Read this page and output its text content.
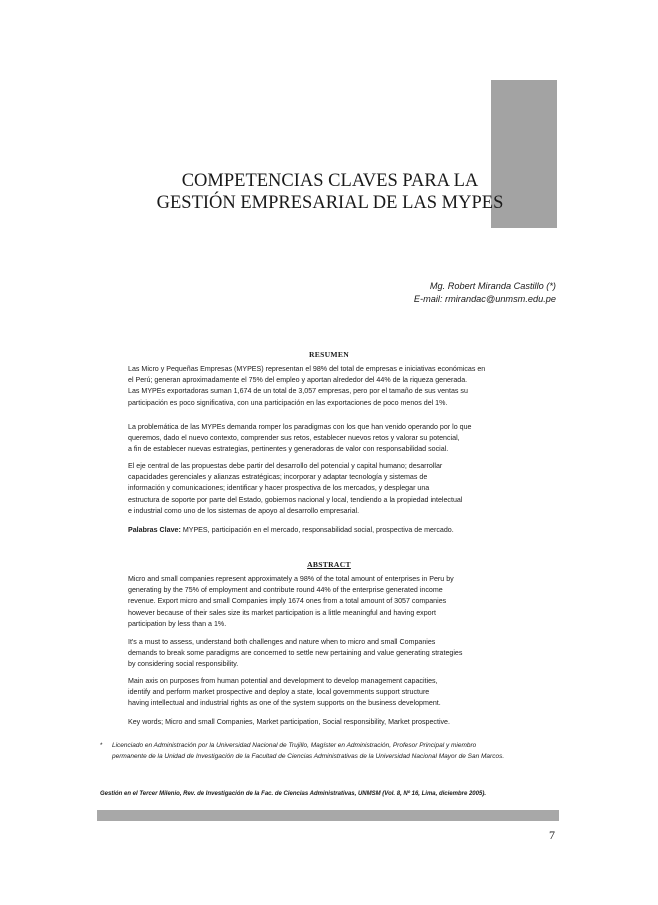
COMPETENCIAS CLAVES PARA LA
GESTIÓN EMPRESARIAL DE LAS MYPES
Mg. Robert Miranda Castillo (*)
E-mail: rmirandac@unmsm.edu.pe
RESUMEN
Las Micro y Pequeñas Empresas (MYPES) representan el 98% del total de empresas e iniciativas económicas en
el Perú; generan aproximadamente el 75% del empleo y aportan alrededor del 44% de la riqueza generada.
Las MYPEs exportadoras suman 1,674 de un total de 3,057 empresas, pero por el tamaño de sus ventas su
participación es poco significativa, con una participación en las exportaciones de poco menos del 1%.
La problemática de las MYPEs demanda romper los paradigmas con los que han venido operando por lo que
queremos, dado el nuevo contexto, comprender sus retos, establecer nuevos retos y valorar su potencial,
a fin de establecer nuevas estrategias, pertinentes y generadoras de valor con responsabilidad social.
El eje central de las propuestas debe partir del desarrollo del potencial y capital humano; desarrollar
capacidades gerenciales y alianzas estratégicas; incorporar y adaptar tecnología y sistemas de
información y comunicaciones; identificar y hacer prospectiva de los mercados, y desplegar una
estructura de soporte por parte del Estado, gobiernos nacional y local, tendiendo a la propiedad intelectual
e industrial como uno de los sistemas de apoyo al desarrollo empresarial.
Palabras Clave: MYPES, participación en el mercado, responsabilidad social, prospectiva de mercado.
ABSTRACT
Micro and small companies represent approximately a 98% of the total amount of enterprises in Peru by
generating by the 75% of employment and contribute round 44% of the enterprise generated income
revenue. Export micro and small Companies imply 1674 ones from a total amount of 3057 companies
however because of their sales size its market participation is a little meaningful and having export
participation by less than a 1%.
It's a must to assess, understand both challenges and nature when to micro and small Companies
demands to break some paradigms are concerned to settle new pertaining and value generating strategies
by considering social responsibility.
Main axis on purposes from human potential and development to develop management capacities,
identify and perform market prospective and deploy a state, local governments support structure
having intellectual and industrial rights as one of the system supports on the business development.
Key words; Micro and small Companies, Market participation, Social responsibility, Market prospective.
* Licenciado en Administración por la Universidad Nacional de Trujillo, Magíster en Administración, Profesor Principal y miembro
permanente de la Unidad de Investigación de la Facultad de Ciencias Administrativas de la Universidad Nacional Mayor de San Marcos.
Gestión en el Tercer Milenio, Rev. de Investigación de la Fac. de Ciencias Administrativas, UNMSM (Vol. 8, Nº 16, Lima, diciembre 2005).
7
